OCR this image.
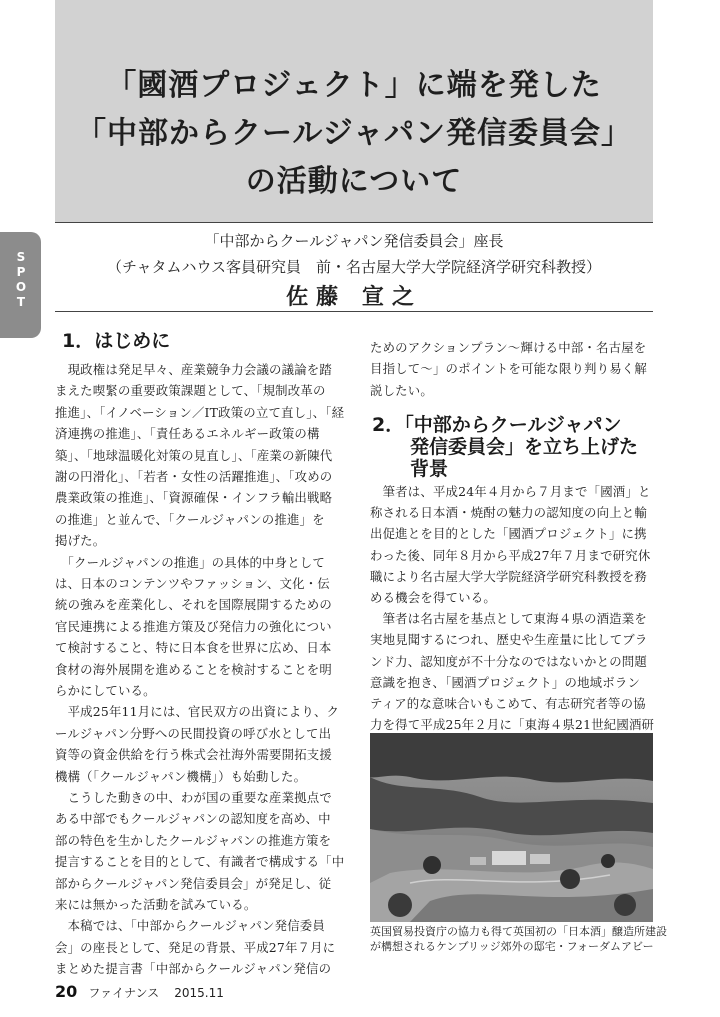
「國酒プロジェクト」に端を発した
「中部からクールジャパン発信委員会」
の活動について
「中部からクールジャパン発信委員会」座長
（チャタムハウス客員研究員　前・名古屋大学大学院経済学研究科教授）
佐藤 宣之
S
P
O
T
1．はじめに
　現政権は発足早々、産業競争力会議の議論を踏
まえた喫緊の重要政策課題として、「規制改革の
推進」、「イノベーション／IT政策の立て直し」、「経
済連携の推進」、「責任あるエネルギー政策の構
築」、「地球温暖化対策の見直し」、「産業の新陳代
謝の円滑化」、「若者・女性の活躍推進」、「攻めの
農業政策の推進」、「資源確保・インフラ輸出戦略
の推進」と並んで、「クールジャパンの推進」を
掲げた。
　「クールジャパンの推進」の具体的中身として
は、日本のコンテンツやファッション、文化・伝
統の強みを産業化し、それを国際展開するための
官民連携による推進方策及び発信力の強化につい
て検討すること、特に日本食を世界に広め、日本
食材の海外展開を進めることを検討することを明
らかにしている。
　平成25年11月には、官民双方の出資により、ク
ールジャパン分野への民間投資の呼び水として出
資等の資金供給を行う株式会社海外需要開拓支援
機構（「クールジャパン機構」）も始動した。
　こうした動きの中、わが国の重要な産業拠点で
ある中部でもクールジャパンの認知度を高め、中
部の特色を生かしたクールジャパンの推進方策を
提言することを目的として、有識者で構成する「中
部からクールジャパン発信委員会」が発足し、従
来には無かった活動を試みている。
　本稿では、「中部からクールジャパン発信委員
会」の座長として、発足の背景、平成27年７月に
まとめた提言書「中部からクールジャパン発信の
ためのアクションプラン～輝ける中部・名古屋を
目指して～」のポイントを可能な限り判り易く解
説したい。
2．「中部からクールジャパン
発信委員会」を立ち上げた
背景
　筆者は、平成24年４月から７月まで「國酒」と
称される日本酒・焼酎の魅力の認知度の向上と輸
出促進とを目的とした「國酒プロジェクト」に携
わった後、同年８月から平成27年７月まで研究休
職により名古屋大学大学院経済学研究科教授を務
める機会を得ている。
　筆者は名古屋を基点として東海４県の酒造業を
実地見聞するにつれ、歴史や生産量に比してブラ
ンド力、認知度が不十分なのではないかとの問題
意識を抱き、「國酒プロジェクト」の地域ボラン
ティア的な意味合いもこめて、有志研究者等の協
力を得て平成25年２月に「東海４県21世紀國酒研
英国貿易投資庁の協力も得て英国初の「日本酒」醸造所建設
が構想されるケンブリッジ郊外の邸宅・フォーダムアビー
20 ファイナンス 2015.11
